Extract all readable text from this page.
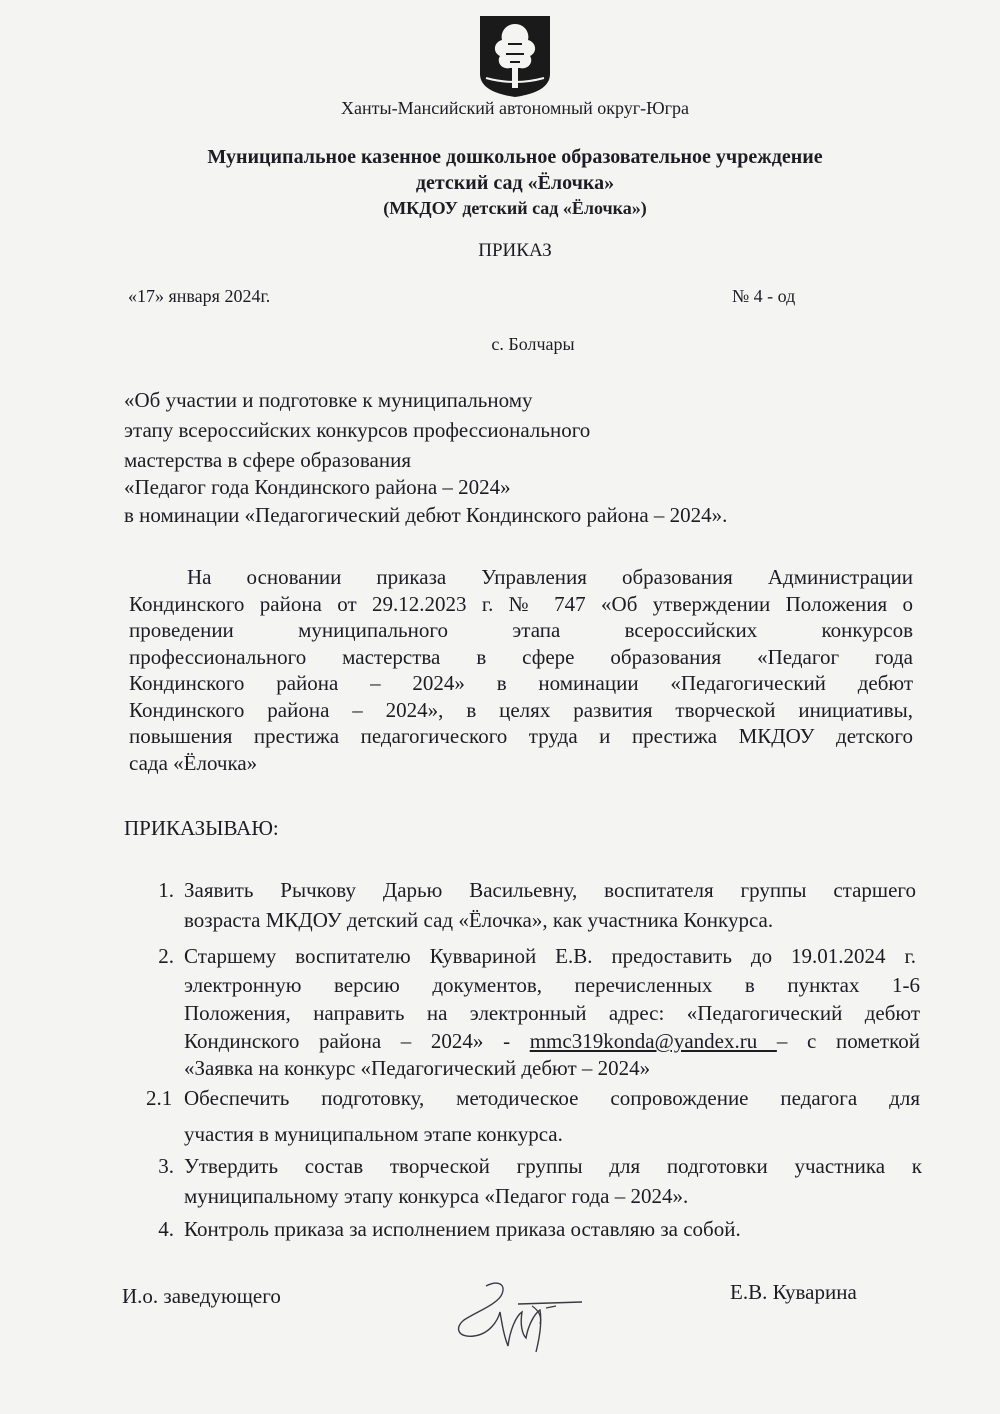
Ханты-Мансийский автономный округ-Югра
Муниципальное казенное дошкольное образовательное учреждение
детский сад «Ёлочка»
(МКДОУ детский сад «Ёлочка»)
ПРИКАЗ
«17» января 2024г.	№ 4 - од
с. Болчары
«Об участии и подготовке к муниципальному
этапу всероссийских конкурсов профессионального
мастерства в сфере образования
«Педагог года Кондинского района – 2024»
в номинации «Педагогический дебют Кондинского района – 2024».
На основании приказа Управления образования Администрации
Кондинского района от 29.12.2023 г. № 747 «Об утверждении Положения о
проведении муниципального этапа всероссийских конкурсов
профессионального мастерства в сфере образования «Педагог года
Кондинского района – 2024» в номинации «Педагогический дебют
Кондинского района – 2024», в целях развития творческой инициативы,
повышения престижа педагогического труда и престижа МКДОУ детского
сада «Ёлочка»
ПРИКАЗЫВАЮ:
1. Заявить Рычкову Дарью Васильевну, воспитателя группы старшего
возраста МКДОУ детский сад «Ёлочка», как участника Конкурса.
2. Старшему воспитателю Куввариной Е.В. предоставить до 19.01.2024 г.
электронную версию документов, перечисленных в пунктах 1-6
Положения, направить на электронный адрес: «Педагогический дебют
Кондинского района – 2024» - mmc319konda@yandex.ru – с пометкой
«Заявка на конкурс «Педагогический дебют – 2024»
2.1 Обеспечить подготовку, методическое сопровождение педагога для
участия в муниципальном этапе конкурса.
3. Утвердить состав творческой группы для подготовки участника к
муниципальному этапу конкурса «Педагог года – 2024».
4. Контроль приказа за исполнением приказа оставляю за собой.
И.о. заведующего	Е.В. Куварина
